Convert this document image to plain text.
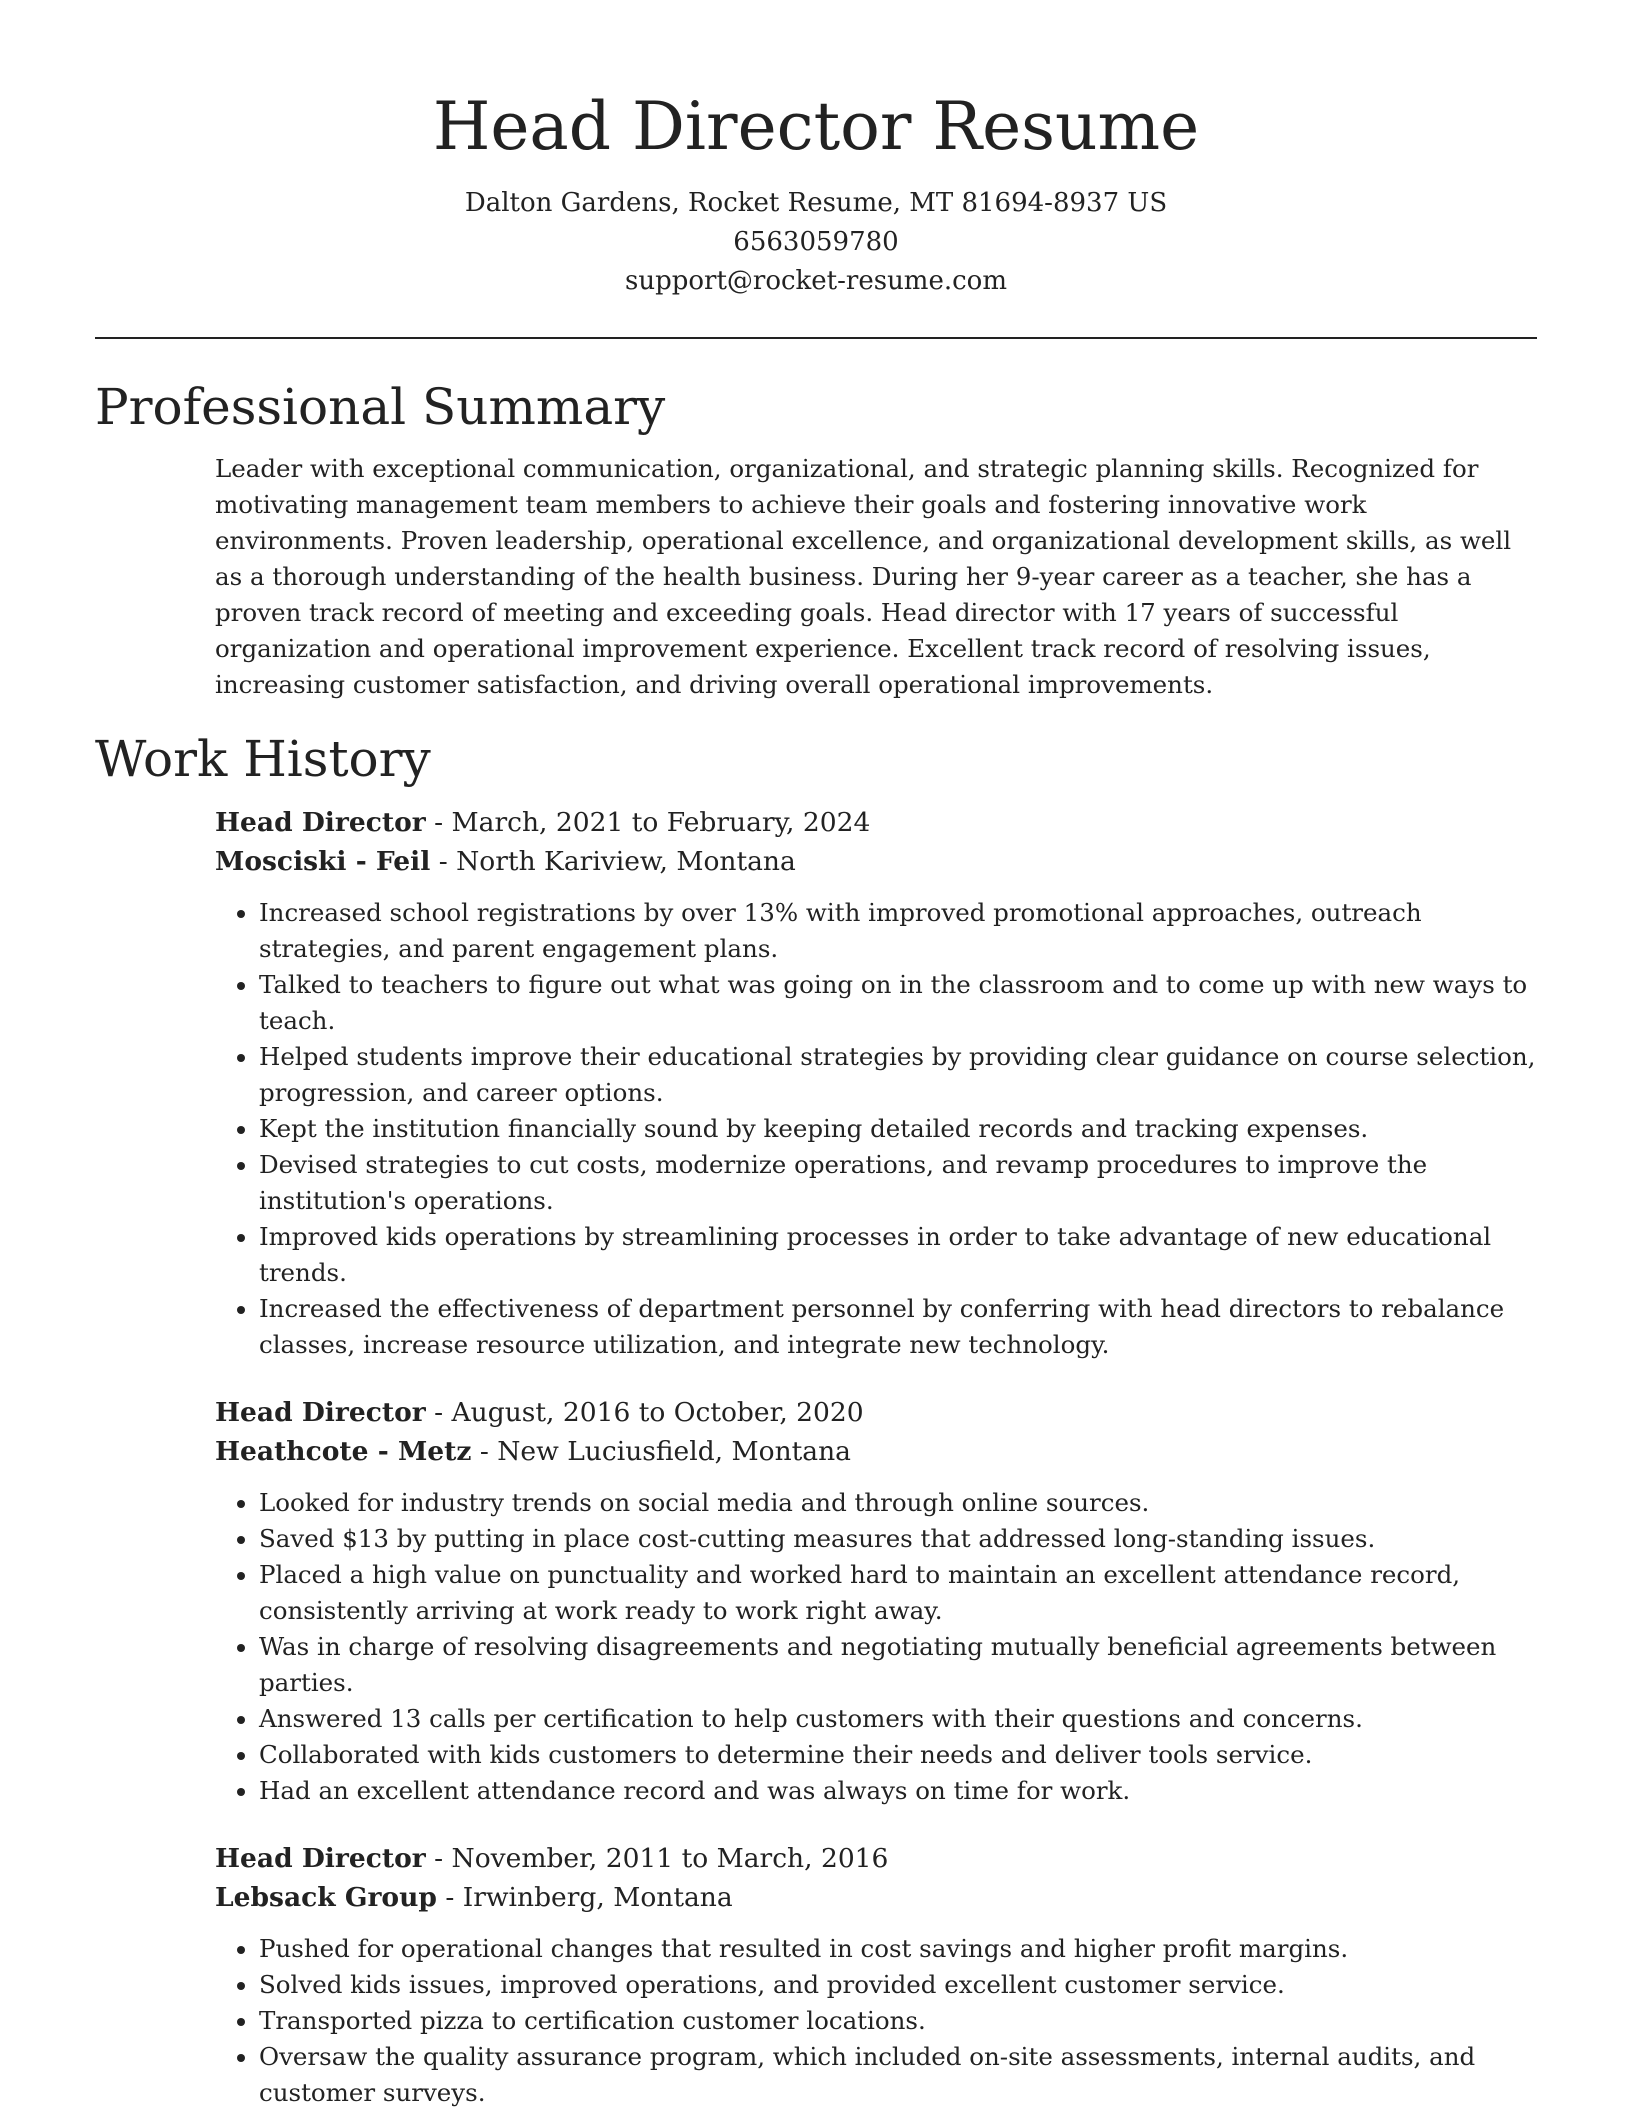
Head Director Resume
Dalton Gardens, Rocket Resume, MT 81694-8937 US
6563059780
support@rocket-resume.com
Professional Summary

Leader with exceptional communication, organizational, and strategic planning skills. Recognized for motivating management team members to achieve their goals and fostering innovative work environments. Proven leadership, operational excellence, and organizational development skills, as well as a thorough understanding of the health business. During her 9-year career as a teacher, she has a proven track record of meeting and exceeding goals. Head director with 17 years of successful organization and operational improvement experience. Excellent track record of resolving issues, increasing customer satisfaction, and driving overall operational improvements.

Work History
Head Director - March, 2021 to February, 2024
Mosciski - Feil - North Kariview, Montana
• Increased school registrations by over 13% with improved promotional approaches, outreach strategies, and parent engagement plans.
• Talked to teachers to figure out what was going on in the classroom and to come up with new ways to teach.
• Helped students improve their educational strategies by providing clear guidance on course selection, progression, and career options.
• Kept the institution financially sound by keeping detailed records and tracking expenses.
• Devised strategies to cut costs, modernize operations, and revamp procedures to improve the institution's operations.
• Improved kids operations by streamlining processes in order to take advantage of new educational trends.
• Increased the effectiveness of department personnel by conferring with head directors to rebalance classes, increase resource utilization, and integrate new technology.
Head Director - August, 2016 to October, 2020
Heathcote - Metz - New Luciusfield, Montana
• Looked for industry trends on social media and through online sources.
• Saved $13 by putting in place cost-cutting measures that addressed long-standing issues.
• Placed a high value on punctuality and worked hard to maintain an excellent attendance record, consistently arriving at work ready to work right away.
• Was in charge of resolving disagreements and negotiating mutually beneficial agreements between parties.
• Answered 13 calls per certification to help customers with their questions and concerns.
• Collaborated with kids customers to determine their needs and deliver tools service.
• Had an excellent attendance record and was always on time for work.
Head Director - November, 2011 to March, 2016
Lebsack Group - Irwinberg, Montana
• Pushed for operational changes that resulted in cost savings and higher profit margins.
• Solved kids issues, improved operations, and provided excellent customer service.
• Transported pizza to certification customer locations.
• Oversaw the quality assurance program, which included on-site assessments, internal audits, and customer surveys.
